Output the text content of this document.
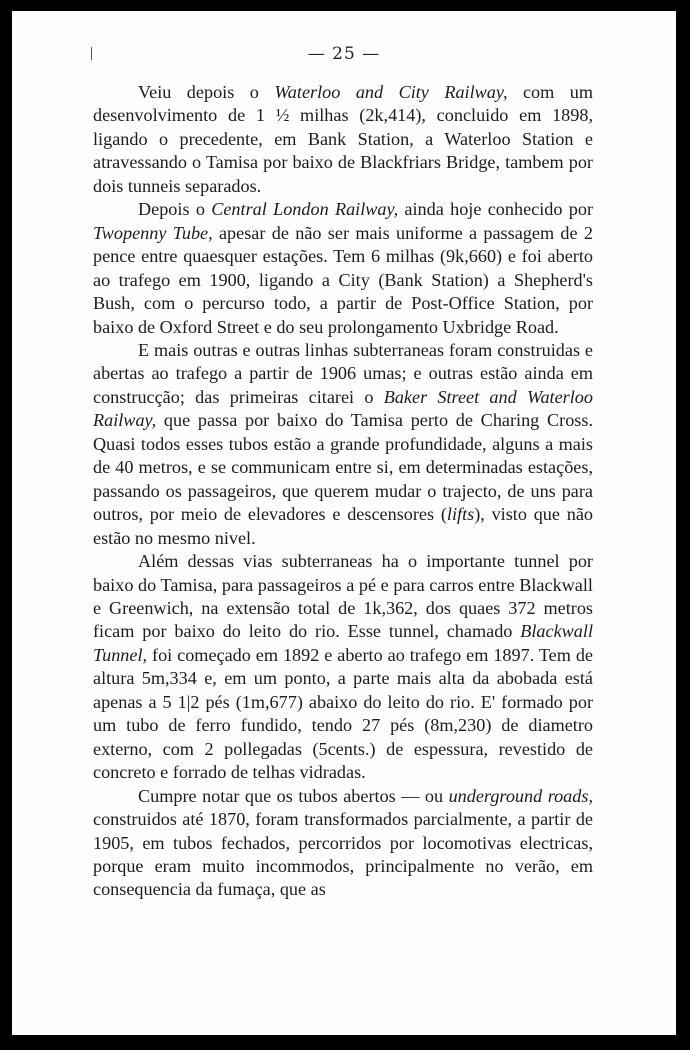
— 25 —

Veiu depois o Waterloo and City Railway, com um desenvolvimento de 1 ½ milhas (2k,414), concluido em 1898, ligando o precedente, em Bank Station, a Waterloo Station e atravessando o Tamisa por baixo de Blackfriars Bridge, tambem por dois tunneis separados.

Depois o Central London Railway, ainda hoje conhecido por Twopenny Tube, apesar de não ser mais uniforme a passagem de 2 pence entre quaesquer estações. Tem 6 milhas (9k,660) e foi aberto ao trafego em 1900, ligando a City (Bank Station) a Shepherd's Bush, com o percurso todo, a partir de Post-Office Station, por baixo de Oxford Street e do seu prolongamento Uxbridge Road.

E mais outras e outras linhas subterraneas foram construidas e abertas ao trafego a partir de 1906 umas; e outras estão ainda em construcção; das primeiras citarei o Baker Street and Waterloo Railway, que passa por baixo do Tamisa perto de Charing Cross. Quasi todos esses tubos estão a grande profundidade, alguns a mais de 40 metros, e se communicam entre si, em determinadas estações, passando os passageiros, que querem mudar o trajecto, de uns para outros, por meio de elevadores e descensores (lifts), visto que não estão no mesmo nivel.

Além dessas vias subterraneas ha o importante tunnel por baixo do Tamisa, para passageiros a pé e para carros entre Blackwall e Greenwich, na extensão total de 1k,362, dos quaes 372 metros ficam por baixo do leito do rio. Esse tunnel, chamado Blackwall Tunnel, foi começado em 1892 e aberto ao trafego em 1897. Tem de altura 5m,334 e, em um ponto, a parte mais alta da abobada está apenas a 5 1|2 pés (1m,677) abaixo do leito do rio. E' formado por um tubo de ferro fundido, tendo 27 pés (8m,230) de diametro externo, com 2 pollegadas (5cents.) de espessura, revestido de concreto e forrado de telhas vidradas.

Cumpre notar que os tubos abertos — ou underground roads, construidos até 1870, foram transformados parcialmente, a partir de 1905, em tubos fechados, percorridos por locomotivas electricas, porque eram muito incommodos, principalmente no verão, em consequencia da fumaça, que as
